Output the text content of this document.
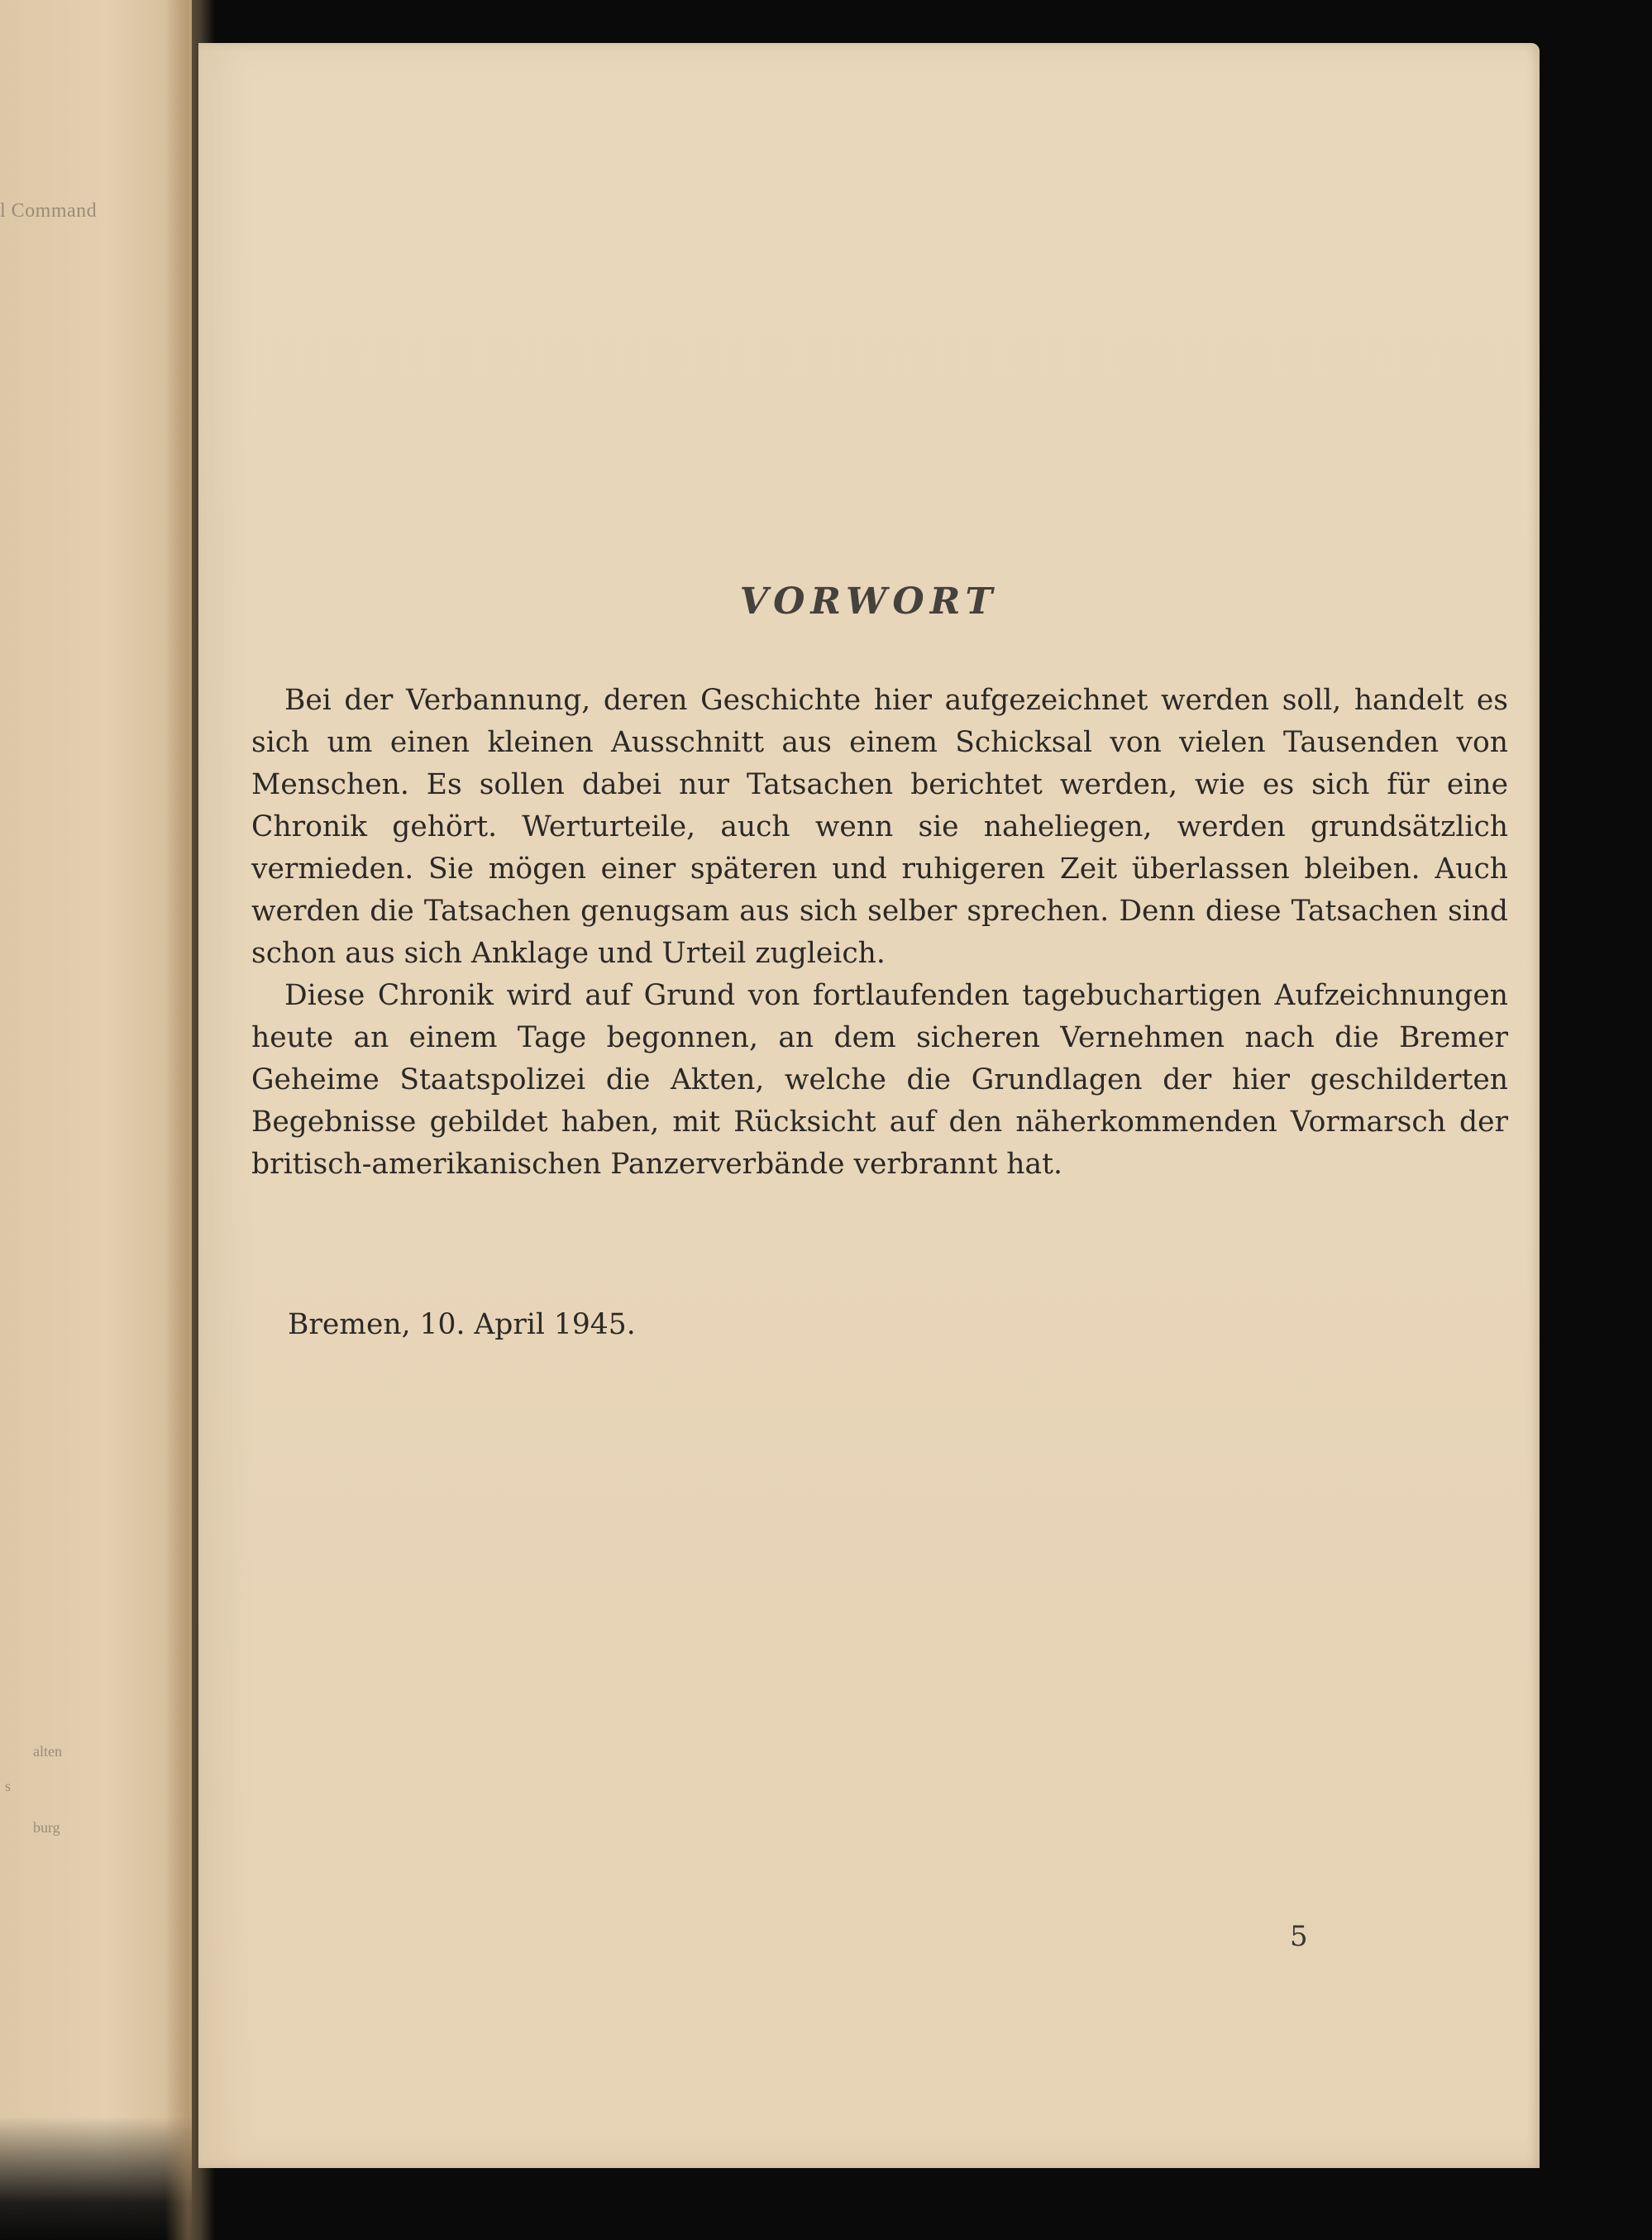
l Command
alten
s
burg
VORWORT

Bei der Verbannung, deren Geschichte hier aufgezeichnet werden soll, handelt es sich um einen kleinen Ausschnitt aus einem Schicksal von vielen Tausenden von Menschen. Es sollen dabei nur Tatsachen berichtet werden, wie es sich für eine Chronik gehört. Werturteile, auch wenn sie naheliegen, werden grundsätzlich vermieden. Sie mögen einer späteren und ruhigeren Zeit überlassen bleiben. Auch werden die Tatsachen genugsam aus sich selber sprechen. Denn diese Tatsachen sind schon aus sich Anklage und Urteil zugleich.

Diese Chronik wird auf Grund von fortlaufenden tagebuchartigen Aufzeichnungen heute an einem Tage begonnen, an dem sicheren Vernehmen nach die Bremer Geheime Staatspolizei die Akten, welche die Grundlagen der hier geschilderten Begebnisse gebildet haben, mit Rücksicht auf den näherkommenden Vormarsch der britisch-amerikanischen Panzerverbände verbrannt hat.

Bremen, 10. April 1945.

5
